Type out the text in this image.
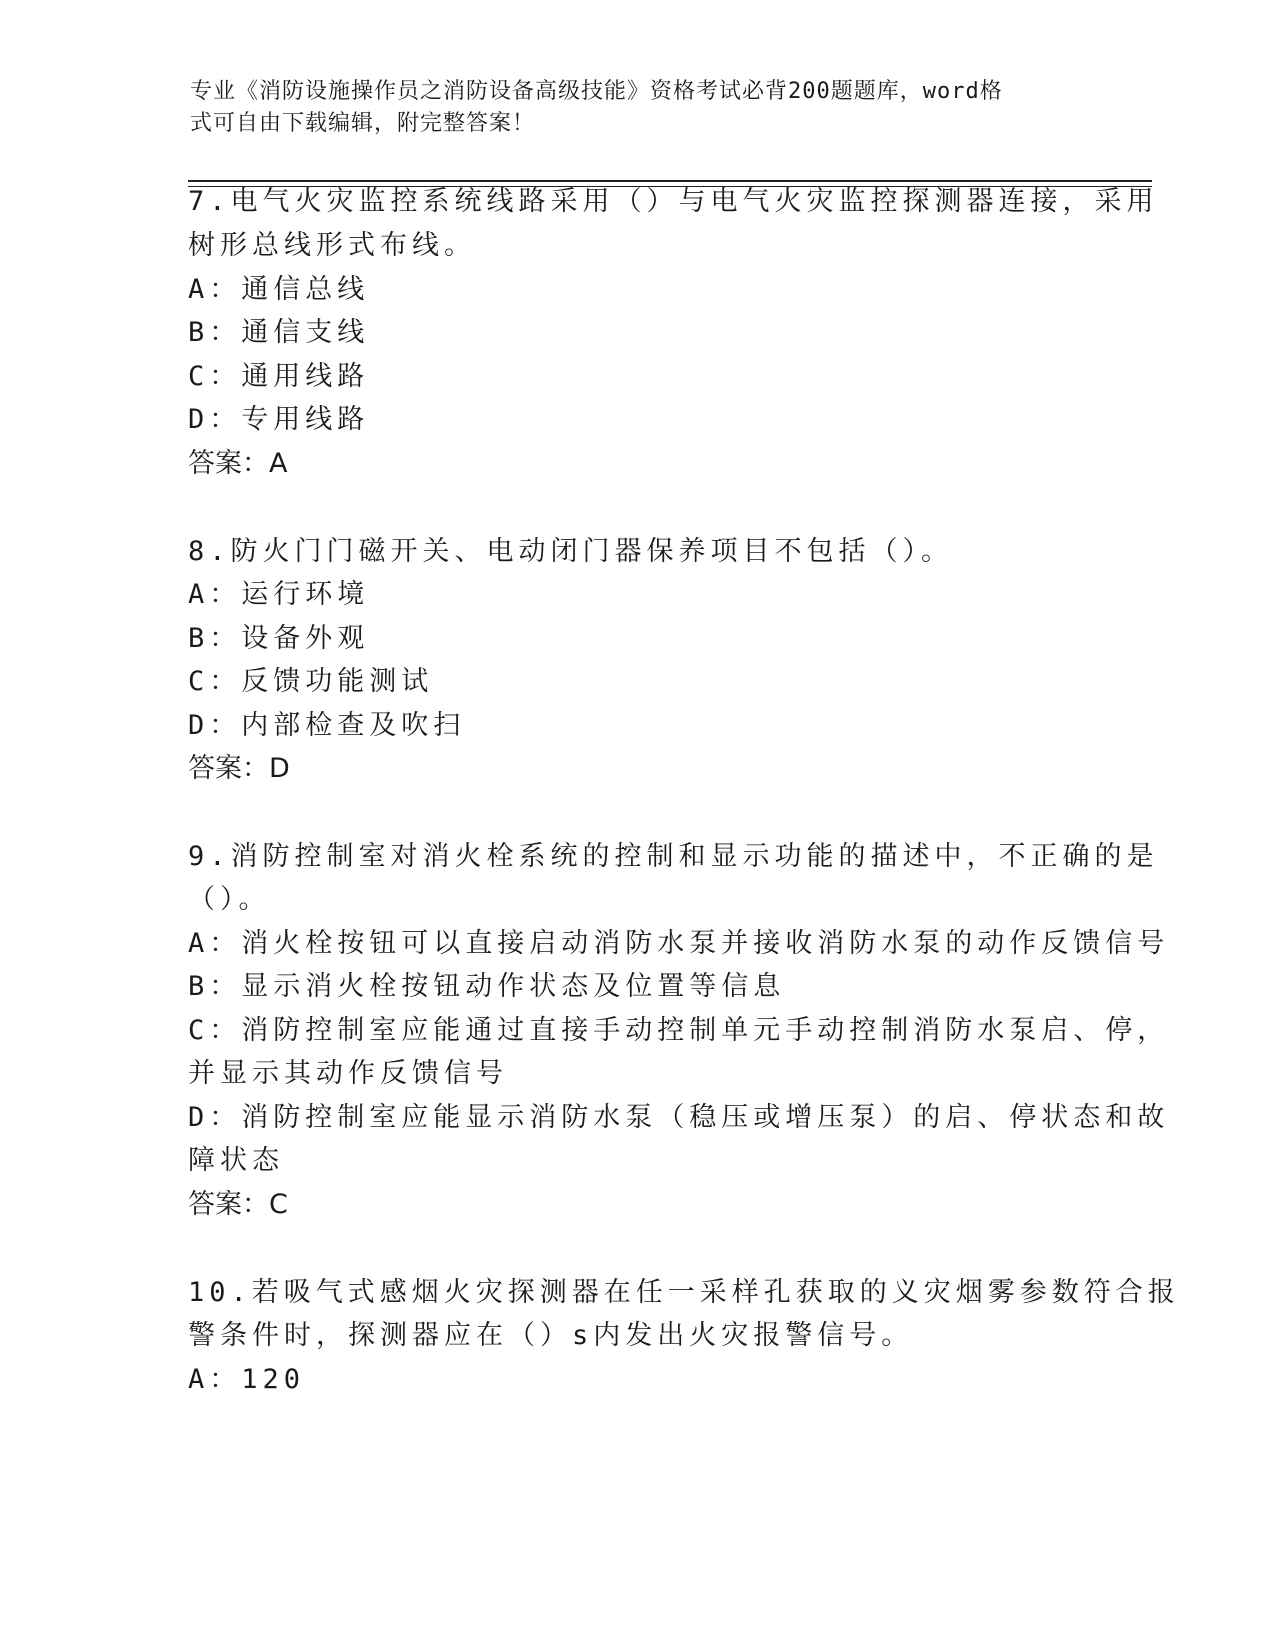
专业《消防设施操作员之消防设备高级技能》资格考试必背200题题库，word格
式可自由下载编辑，附完整答案！
7.电气火灾监控系统线路采用（）与电气火灾监控探测器连接，采用
树形总线形式布线。
A：通信总线
B：通信支线
C：通用线路
D：专用线路
答案：A
8.防火门门磁开关、电动闭门器保养项目不包括（）。
A：运行环境
B：设备外观
C：反馈功能测试
D：内部检查及吹扫
答案：D
9.消防控制室对消火栓系统的控制和显示功能的描述中，不正确的是
（）。
A：消火栓按钮可以直接启动消防水泵并接收消防水泵的动作反馈信号
B：显示消火栓按钮动作状态及位置等信息
C：消防控制室应能通过直接手动控制单元手动控制消防水泵启、停，
并显示其动作反馈信号
D：消防控制室应能显示消防水泵（稳压或增压泵）的启、停状态和故
障状态
答案：C
10.若吸气式感烟火灾探测器在任一采样孔获取的义灾烟雾参数符合报
警条件时，探测器应在（）s内发出火灾报警信号。
A：120
